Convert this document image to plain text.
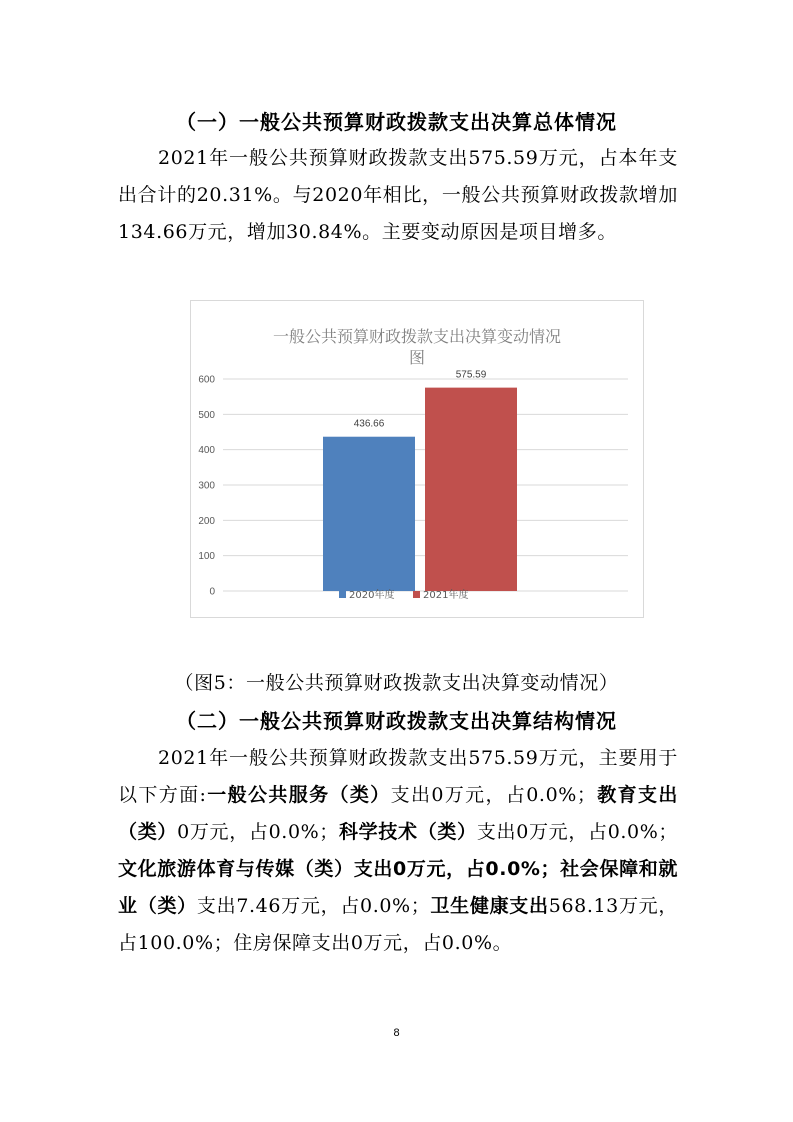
（一）一般公共预算财政拨款支出决算总体情况
2021年一般公共预算财政拨款支出575.59万元，占本年支出合计的20.31%。与2020年相比，一般公共预算财政拨款增加134.66万元，增加30.84%。主要变动原因是项目增多。
一般公共预算财政拨款支出决算变动情况
图
0
100
200
300
400
500
600
436.66
575.59
2020年度	2021年度
（图5：一般公共预算财政拨款支出决算变动情况）
（二）一般公共预算财政拨款支出决算结构情况
2021年一般公共预算财政拨款支出575.59万元，主要用于以下方面:一般公共服务（类）支出0万元，占0.0%；教育支出（类）0万元，占0.0%；科学技术（类）支出0万元，占0.0%；文化旅游体育与传媒（类）支出0万元，占0.0%；社会保障和就业（类）支出7.46万元，占0.0%；卫生健康支出568.13万元，占100.0%；住房保障支出0万元，占0.0%。
8
